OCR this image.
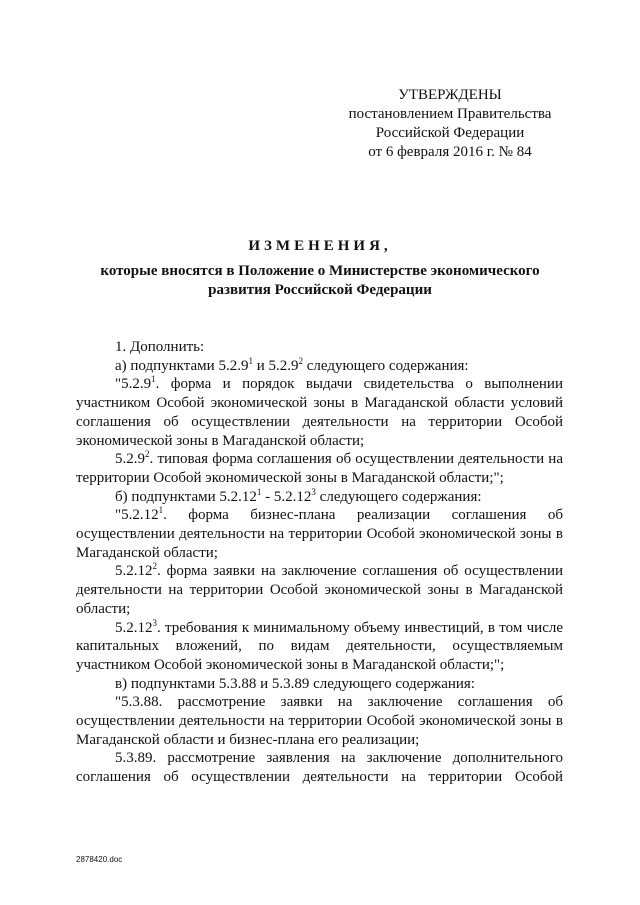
УТВЕРЖДЕНЫ
постановлением Правительства
Российской Федерации
от 6 февраля 2016 г. № 84
ИЗМЕНЕНИЯ,
которые вносятся в Положение о Министерстве экономического
развития Российской Федерации
1. Дополнить:
а) подпунктами 5.2.9$^1$ и 5.2.9$^2$ следующего содержания:
"5.2.9$^1$. форма и порядок выдачи свидетельства о выполнении участником Особой экономической зоны в Магаданской области условий соглашения об осуществлении деятельности на территории Особой экономической зоны в Магаданской области;
5.2.9$^2$. типовая форма соглашения об осуществлении деятельности на территории Особой экономической зоны в Магаданской области;";
б) подпунктами 5.2.12$^1$ - 5.2.12$^3$ следующего содержания:
"5.2.12$^1$. форма бизнес-плана реализации соглашения об осуществлении деятельности на территории Особой экономической зоны в Магаданской области;
5.2.12$^2$. форма заявки на заключение соглашения об осуществлении деятельности на территории Особой экономической зоны в Магаданской области;
5.2.12$^3$. требования к минимальному объему инвестиций, в том числе капитальных вложений, по видам деятельности, осуществляемым участником Особой экономической зоны в Магаданской области;";
в) подпунктами 5.3.88 и 5.3.89 следующего содержания:
"5.3.88. рассмотрение заявки на заключение соглашения об осуществлении деятельности на территории Особой экономической зоны в Магаданской области и бизнес-плана его реализации;
5.3.89. рассмотрение заявления на заключение дополнительного соглашения об осуществлении деятельности на территории Особой
2878420.doc
